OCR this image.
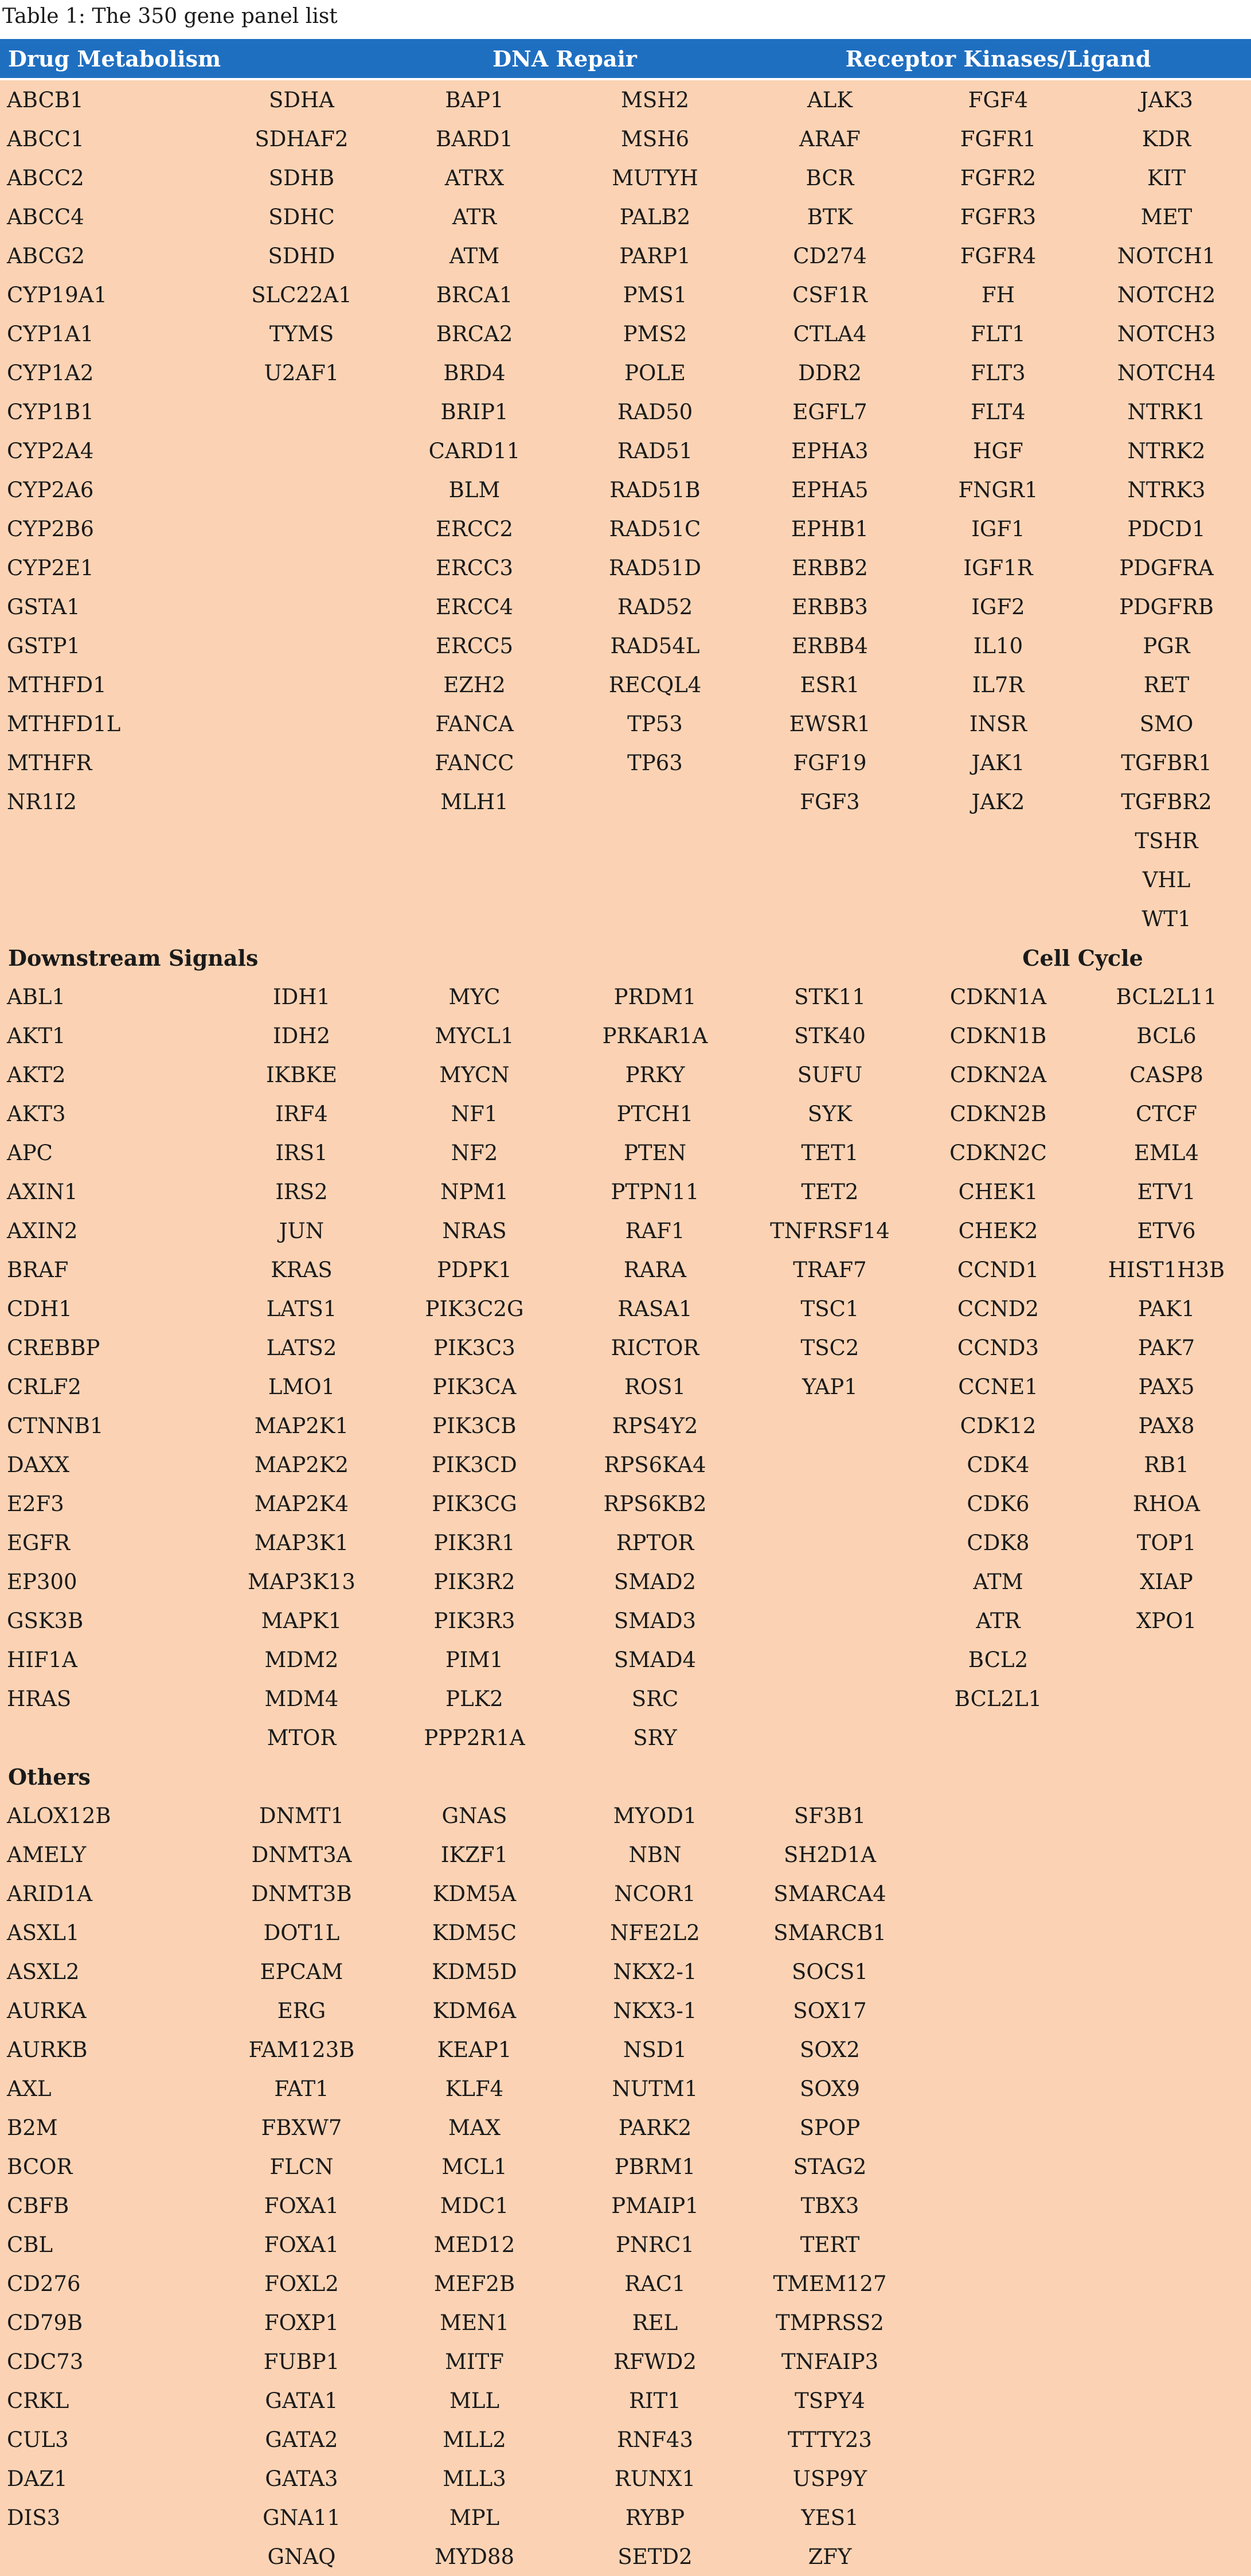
Table 1: The 350 gene panel list
Drug Metabolism		DNA Repair		Receptor Kinases/Ligand		
ABCB1	SDHA	BAP1	MSH2	ALK	FGF4	JAK3
ABCC1	SDHAF2	BARD1	MSH6	ARAF	FGFR1	KDR
ABCC2	SDHB	ATRX	MUTYH	BCR	FGFR2	KIT
ABCC4	SDHC	ATR	PALB2	BTK	FGFR3	MET
ABCG2	SDHD	ATM	PARP1	CD274	FGFR4	NOTCH1
CYP19A1	SLC22A1	BRCA1	PMS1	CSF1R	FH	NOTCH2
CYP1A1	TYMS	BRCA2	PMS2	CTLA4	FLT1	NOTCH3
CYP1A2	U2AF1	BRD4	POLE	DDR2	FLT3	NOTCH4
CYP1B1		BRIP1	RAD50	EGFL7	FLT4	NTRK1
CYP2A4		CARD11	RAD51	EPHA3	HGF	NTRK2
CYP2A6		BLM	RAD51B	EPHA5	FNGR1	NTRK3
CYP2B6		ERCC2	RAD51C	EPHB1	IGF1	PDCD1
CYP2E1		ERCC3	RAD51D	ERBB2	IGF1R	PDGFRA
GSTA1		ERCC4	RAD52	ERBB3	IGF2	PDGFRB
GSTP1		ERCC5	RAD54L	ERBB4	IL10	PGR
MTHFD1		EZH2	RECQL4	ESR1	IL7R	RET
MTHFD1L		FANCA	TP53	EWSR1	INSR	SMO
MTHFR		FANCC	TP63	FGF19	JAK1	TGFBR1
NR1I2		MLH1		FGF3	JAK2	TGFBR2
						TSHR
						VHL
						WT1
Downstream Signals					Cell Cycle	
ABL1	IDH1	MYC	PRDM1	STK11	CDKN1A	BCL2L11
AKT1	IDH2	MYCL1	PRKAR1A	STK40	CDKN1B	BCL6
AKT2	IKBKE	MYCN	PRKY	SUFU	CDKN2A	CASP8
AKT3	IRF4	NF1	PTCH1	SYK	CDKN2B	CTCF
APC	IRS1	NF2	PTEN	TET1	CDKN2C	EML4
AXIN1	IRS2	NPM1	PTPN11	TET2	CHEK1	ETV1
AXIN2	JUN	NRAS	RAF1	TNFRSF14	CHEK2	ETV6
BRAF	KRAS	PDPK1	RARA	TRAF7	CCND1	HIST1H3B
CDH1	LATS1	PIK3C2G	RASA1	TSC1	CCND2	PAK1
CREBBP	LATS2	PIK3C3	RICTOR	TSC2	CCND3	PAK7
CRLF2	LMO1	PIK3CA	ROS1	YAP1	CCNE1	PAX5
CTNNB1	MAP2K1	PIK3CB	RPS4Y2		CDK12	PAX8
DAXX	MAP2K2	PIK3CD	RPS6KA4		CDK4	RB1
E2F3	MAP2K4	PIK3CG	RPS6KB2		CDK6	RHOA
EGFR	MAP3K1	PIK3R1	RPTOR		CDK8	TOP1
EP300	MAP3K13	PIK3R2	SMAD2		ATM	XIAP
GSK3B	MAPK1	PIK3R3	SMAD3		ATR	XPO1
HIF1A	MDM2	PIM1	SMAD4		BCL2	
HRAS	MDM4	PLK2	SRC		BCL2L1	
	MTOR	PPP2R1A	SRY			
Others						
ALOX12B	DNMT1	GNAS	MYOD1	SF3B1		
AMELY	DNMT3A	IKZF1	NBN	SH2D1A		
ARID1A	DNMT3B	KDM5A	NCOR1	SMARCA4		
ASXL1	DOT1L	KDM5C	NFE2L2	SMARCB1		
ASXL2	EPCAM	KDM5D	NKX2-1	SOCS1		
AURKA	ERG	KDM6A	NKX3-1	SOX17		
AURKB	FAM123B	KEAP1	NSD1	SOX2		
AXL	FAT1	KLF4	NUTM1	SOX9		
B2M	FBXW7	MAX	PARK2	SPOP		
BCOR	FLCN	MCL1	PBRM1	STAG2		
CBFB	FOXA1	MDC1	PMAIP1	TBX3		
CBL	FOXA1	MED12	PNRC1	TERT		
CD276	FOXL2	MEF2B	RAC1	TMEM127		
CD79B	FOXP1	MEN1	REL	TMPRSS2		
CDC73	FUBP1	MITF	RFWD2	TNFAIP3		
CRKL	GATA1	MLL	RIT1	TSPY4		
CUL3	GATA2	MLL2	RNF43	TTTY23		
DAZ1	GATA3	MLL3	RUNX1	USP9Y		
DIS3	GNA11	MPL	RYBP	YES1		
	GNAQ	MYD88	SETD2	ZFY		
